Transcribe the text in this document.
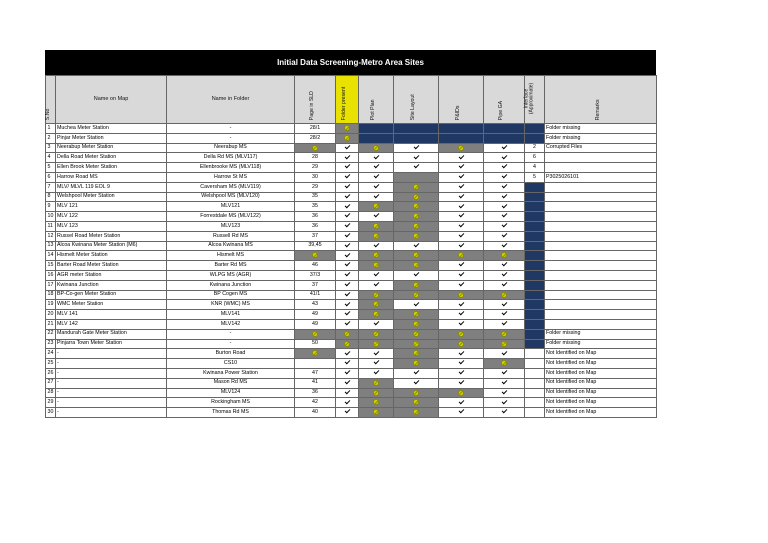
Initial Data Screening-Metro Area Sites
S.No	Name on Map	Name in Folder	Page in SLD	Folder present	Plot Plan	Site Layout	P&IDs	Pipe GA	Interface (Approximate)	Remarks

1	Muchea Meter Station	-	28/1							Folder missing
2	Pinjar Meter Station	-	28/2							Folder missing
3	Neerabup Meter Station	Neerabup MS							2	Corrupted Files
4	Della Road Meter Station	Della Rd MS (MLV117)	28						6	
5	Ellen Brook Meter Station	Ellenbrooke MS (MLV118)	29						4	
6	Harrow Road MS	Harrow St MS	30						5	P3025026101
7	MLV/ MLVL 119 EOL 9	Caversham MS (MLV119)	29							
8	Welshpool Meter Station	Welshpool MS (MLV120)	35							
9	MLV 121	MLV121	35							
10	MLV 122	Forrestdale MS (MLV122)	36							
11	MLV 123	MLV123	36							
12	Russel Road Meter Station	Russell Rd MS	37							
13	Alcoa Kwinana Meter Station (M6)	Alcoa Kwinana MS	39,45							
14	Hismelt Meter Station	Hismelt MS								
15	Barter Road Meter Station	Barter Rd MS	46							
16	AGR meter Station	WLPG MS (AGR)	37/3							
17	Kwinana Junction	Kwinana Junction	37							
18	BP-Co-gen Meter Station	BP Cogen MS	41/1							
19	WMC Meter Station	KNR (WMC) MS	43							
20	MLV 141	MLV141	49							
21	MLV 142	MLV142	49							
22	Mandurah Gate Meter Station	-								Folder missing
23	Pinjarra Town Meter Station	-	50							Folder missing
24	-	Burton Road								Not Identified on Map
25	-	CS10								Not Identified on Map
26	-	Kwinana Power Station	47							Not Identified on Map
27	-	Mason Rd MS	41							Not Identified on Map
28	-	MLV124	36							Not Identified on Map
29	-	Rockingham MS	42							Not Identified on Map
30	-	Thomas Rd MS	40							Not Identified on Map
